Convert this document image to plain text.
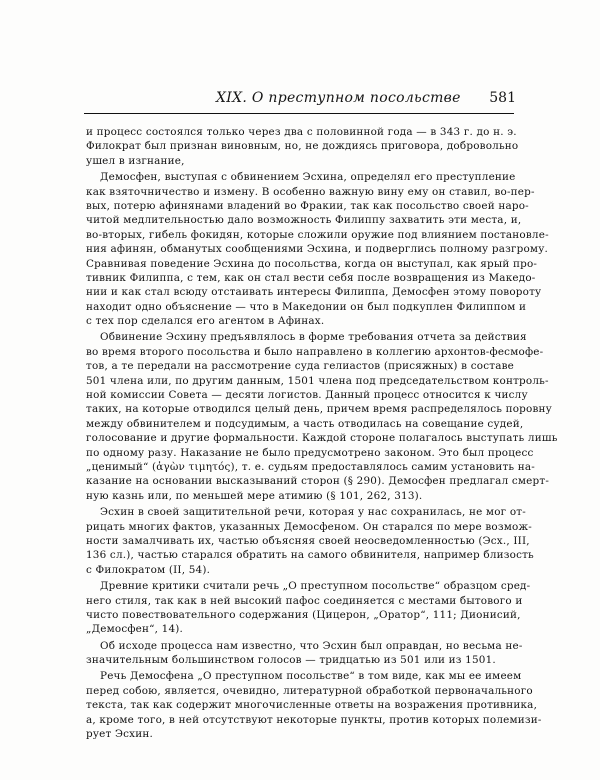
XIX. О преступном посольстве 581
и процесс состоялся только через два с половинной года — в 343 г. до н. э.
Филократ был признан виновным, но, не дождиясь приговора, добровольно
ушел в изгнание,
Демосфен, выступая с обвинением Эсхина, определял его преступление
как взяточничество и измену. В особенно важную вину ему он ставил, во-пер-
вых, потерю афинянами владений во Фракии, так как посольство своей наро-
читой медлительностью дало возможность Филиппу захватить эти места, и,
во-вторых, гибель фокидян, которые сложили оружие под влиянием постановле-
ния афинян, обманутых сообщениями Эсхина, и подверглись полному разгрому.
Сравнивая поведение Эсхина до посольства, когда он выступал, как ярый про-
тивник Филиппа, с тем, как он стал вести себя после возвращения из Македо-
нии и как стал всюду отстаивать интересы Филиппа, Демосфен этому повороту
находит одно объяснение — что в Македонии он был подкуплен Филиппом и
с тех пор сделался его агентом в Афинах.
Обвинение Эсхину предъявлялось в форме требования отчета за действия
во время второго посольства и было направлено в коллегию архонтов-фесмофе-
тов, а те передали на рассмотрение суда гелиастов (присяжных) в составе
501 члена или, по другим данным, 1501 члена под председательством контроль-
ной комиссии Совета — десяти логистов. Данный процесс относится к числу
таких, на которые отводился целый день, причем время распределялось поровну
между обвинителем и подсудимым, а часть отводилась на совещание судей,
голосование и другие формальности. Каждой стороне полагалось выступать лишь
по одному разу. Наказание не было предусмотрено законом. Это был процесс
„ценимый“ (ἀγὼν τιμητός), т. е. судьям предоставлялось самим установить на-
казание на основании высказываний сторон (§ 290). Демосфен предлагал смерт-
ную казнь или, по меньшей мере атимию (§ 101, 262, 313).
Эсхин в своей защитительной речи, которая у нас сохранилась, не мог от-
рицать многих фактов, указанных Демосфеном. Он старался по мере возмож-
ности замалчивать их, частью объясняя своей неосведомленностью (Эсх., III,
136 сл.), частью старался обратить на самого обвинителя, например близость
с Филократом (II, 54).
Древние критики считали речь „О преступном посольстве“ образцом сред-
него стиля, так как в ней высокий пафос соединяется с местами бытового и
чисто повествовательного содержания (Цицерон, „Оратор“, 111; Дионисий,
„Демосфен“, 14).
Об исходе процесса нам известно, что Эсхин был оправдан, но весьма не-
значительным большинством голосов — тридцатью из 501 или из 1501.
Речь Демосфена „О преступном посольстве“ в том виде, как мы ее имеем
перед собою, является, очевидно, литературной обработкой первоначального
текста, так как содержит многочисленные ответы на возражения противника,
а, кроме того, в ней отсутствуют некоторые пункты, против которых полемизи-
рует Эсхин.
